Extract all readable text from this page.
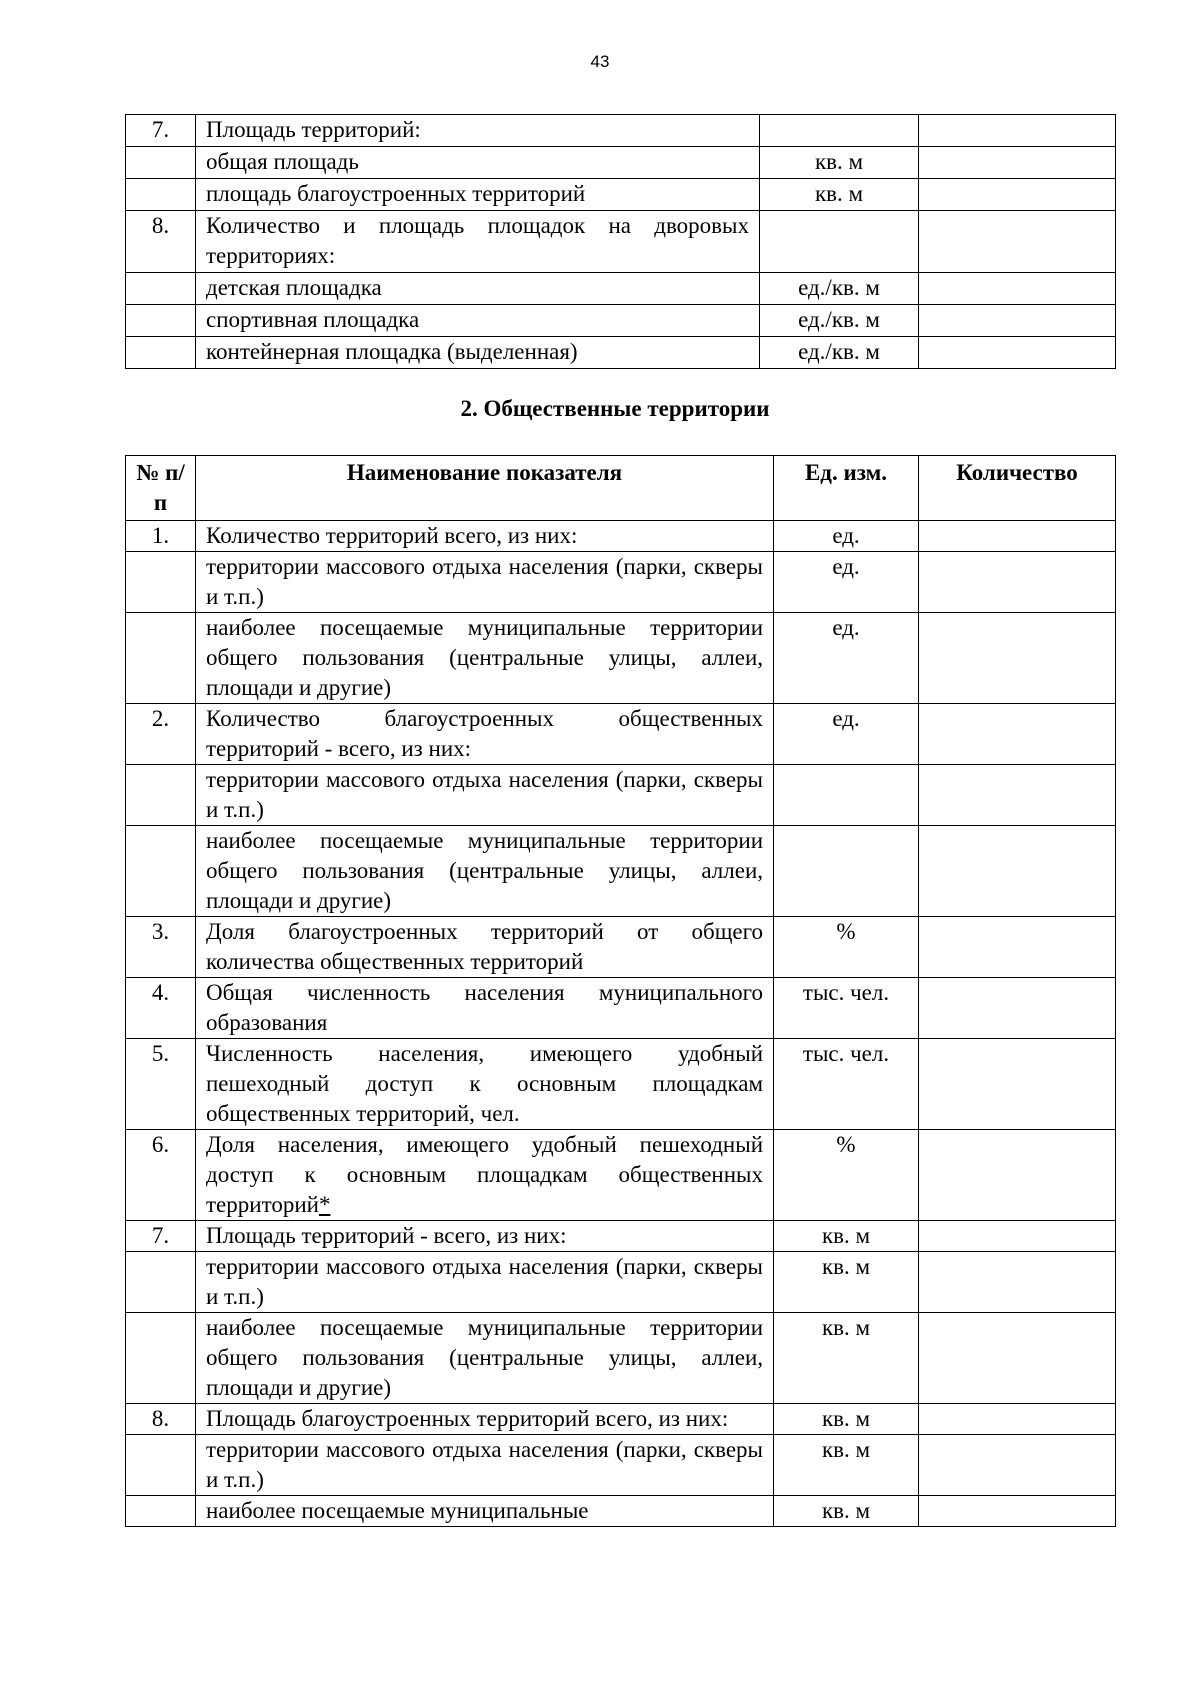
43
7.	Площадь территорий:		
	общая площадь	кв. м	
	площадь благоустроенных территорий	кв. м	
8.	Количество и площадь площадок на дворовых территориях:		
	детская площадка	ед./кв. м	
	спортивная площадка	ед./кв. м	
	контейнерная площадка (выделенная)	ед./кв. м	
2. Общественные территории
№ п/п	Наименование показателя	Ед. изм.	Количество
1.	Количество территорий всего, из них:	ед.	
	территории массового отдыха населения (парки, скверы и т.п.)	ед.	
	наиболее посещаемые муниципальные территории общего пользования (центральные улицы, аллеи, площади и другие)	ед.	
2.	Количество благоустроенных общественных территорий - всего, из них:	ед.	
	территории массового отдыха населения (парки, скверы и т.п.)		
	наиболее посещаемые муниципальные территории общего пользования (центральные улицы, аллеи, площади и другие)		
3.	Доля благоустроенных территорий от общего количества общественных территорий	%	
4.	Общая численность населения муниципального образования	тыс. чел.	
5.	Численность населения, имеющего удобный пешеходный доступ к основным площадкам общественных территорий, чел.	тыс. чел.	
6.	Доля населения, имеющего удобный пешеходный доступ к основным площадкам общественных территорий*	%	
7.	Площадь территорий - всего, из них:	кв. м	
	территории массового отдыха населения (парки, скверы и т.п.)	кв. м	
	наиболее посещаемые муниципальные территории общего пользования (центральные улицы, аллеи, площади и другие)	кв. м	
8.	Площадь благоустроенных территорий всего, из них:	кв. м	
	территории массового отдыха населения (парки, скверы и т.п.)	кв. м	
	наиболее посещаемые муниципальные	кв. м	
